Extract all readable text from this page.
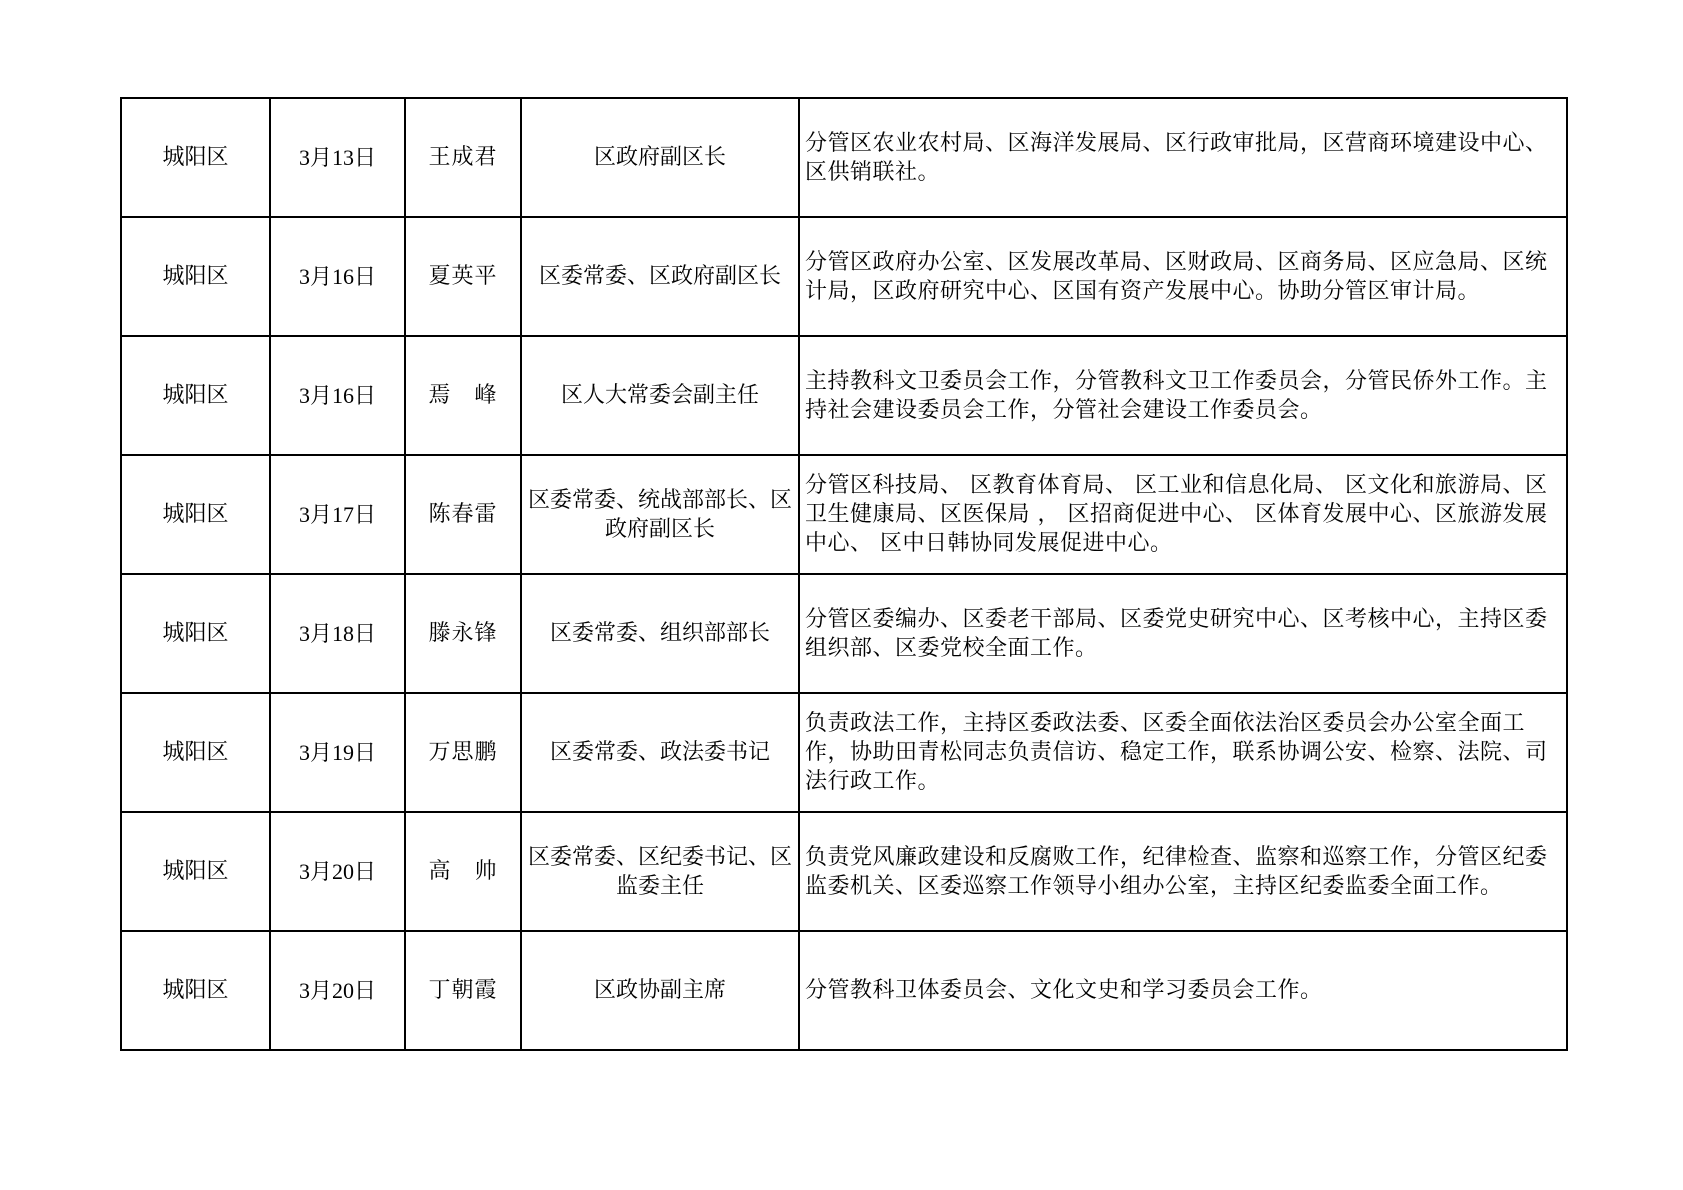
城阳区	3月13日	王成君	区政府副区长	分管区农业农村局、区海洋发展局、区行政审批局，区营商环境建设中心、区供销联社。
城阳区	3月16日	夏英平	区委常委、区政府副区长	分管区政府办公室、区发展改革局、区财政局、区商务局、区应急局、区统计局，区政府研究中心、区国有资产发展中心。协助分管区审计局。
城阳区	3月16日	焉　峰	区人大常委会副主任	主持教科文卫委员会工作，分管教科文卫工作委员会，分管民侨外工作。主持社会建设委员会工作，分管社会建设工作委员会。
城阳区	3月17日	陈春雷	区委常委、统战部部长、区政府副区长	分管区科技局、 区教育体育局、 区工业和信息化局、 区文化和旅游局、区卫生健康局、区医保局 ， 区招商促进中心、 区体育发展中心、区旅游发展中心、 区中日韩协同发展促进中心。
城阳区	3月18日	滕永锋	区委常委、组织部部长	分管区委编办、区委老干部局、区委党史研究中心、区考核中心，主持区委组织部、区委党校全面工作。
城阳区	3月19日	万思鹏	区委常委、政法委书记	负责政法工作，主持区委政法委、区委全面依法治区委员会办公室全面工作，协助田青松同志负责信访、稳定工作，联系协调公安、检察、法院、司法行政工作。
城阳区	3月20日	高　帅	区委常委、区纪委书记、区监委主任	负责党风廉政建设和反腐败工作，纪律检查、监察和巡察工作，分管区纪委监委机关、区委巡察工作领导小组办公室，主持区纪委监委全面工作。
城阳区	3月20日	丁朝霞	区政协副主席	分管教科卫体委员会、文化文史和学习委员会工作。
